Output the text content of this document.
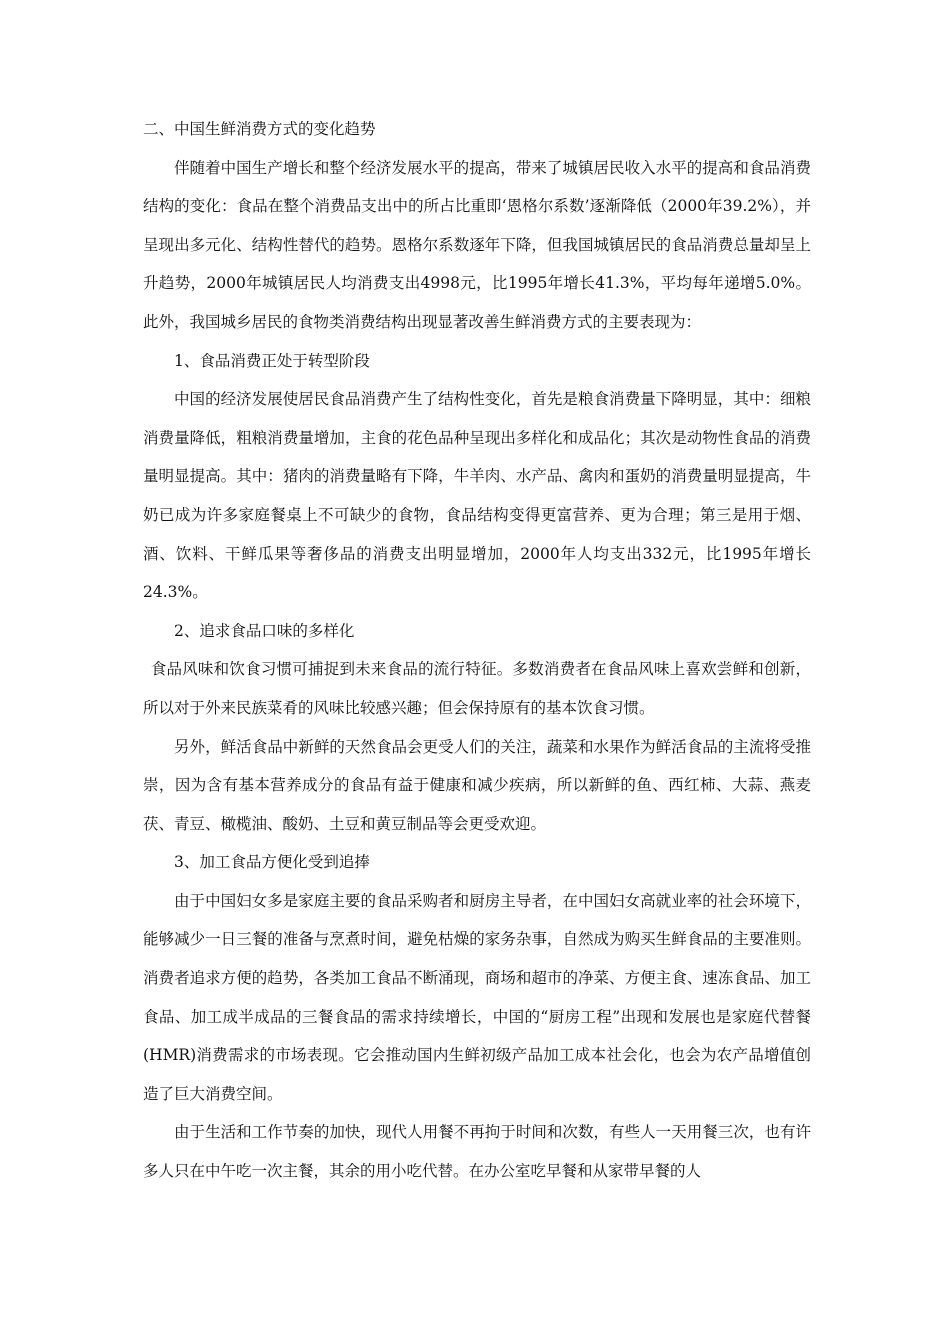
二、中国生鲜消费方式的变化趋势

伴随着中国生产增长和整个经济发展水平的提高，带来了城镇居民收入水平的提高和食品消费结构的变化：食品在整个消费品支出中的所占比重即‘恩格尔系数’逐渐降低（2000年39.2%），并呈现出多元化、结构性替代的趋势。恩格尔系数逐年下降，但我国城镇居民的食品消费总量却呈上升趋势，2000年城镇居民人均消费支出4998元，比1995年增长41.3%，平均每年递增5.0%。此外，我国城乡居民的食物类消费结构出现显著改善生鲜消费方式的主要表现为：

1、食品消费正处于转型阶段

中国的经济发展使居民食品消费产生了结构性变化，首先是粮食消费量下降明显，其中：细粮消费量降低，粗粮消费量增加，主食的花色品种呈现出多样化和成品化；其次是动物性食品的消费量明显提高。其中：猪肉的消费量略有下降，牛羊肉、水产品、禽肉和蛋奶的消费量明显提高，牛奶已成为许多家庭餐桌上不可缺少的食物，食品结构变得更富营养、更为合理；第三是用于烟、酒、饮料、干鲜瓜果等奢侈品的消费支出明显增加，2000年人均支出332元，比1995年增长24.3%。

2、追求食品口味的多样化

食品风味和饮食习惯可捕捉到未来食品的流行特征。多数消费者在食品风味上喜欢尝鲜和创新，所以对于外来民族菜肴的风味比较感兴趣；但会保持原有的基本饮食习惯。

另外，鲜活食品中新鲜的天然食品会更受人们的关注，蔬菜和水果作为鲜活食品的主流将受推崇，因为含有基本营养成分的食品有益于健康和减少疾病，所以新鲜的鱼、西红柿、大蒜、燕麦茯、青豆、橄榄油、酸奶、土豆和黄豆制品等会更受欢迎。

3、加工食品方便化受到追捧

由于中国妇女多是家庭主要的食品采购者和厨房主导者，在中国妇女高就业率的社会环境下，能够减少一日三餐的准备与烹煮时间，避免枯燥的家务杂事，自然成为购买生鲜食品的主要准则。消费者追求方便的趋势，各类加工食品不断涌现，商场和超市的净菜、方便主食、速冻食品、加工食品、加工成半成品的三餐食品的需求持续增长，中国的“厨房工程”出现和发展也是家庭代替餐(HMR)消费需求的市场表现。它会推动国内生鲜初级产品加工成本社会化，也会为农产品增值创造了巨大消费空间。

由于生活和工作节奏的加快，现代人用餐不再拘于时间和次数，有些人一天用餐三次，也有许多人只在中午吃一次主餐，其余的用小吃代替。在办公室吃早餐和从家带早餐的人
